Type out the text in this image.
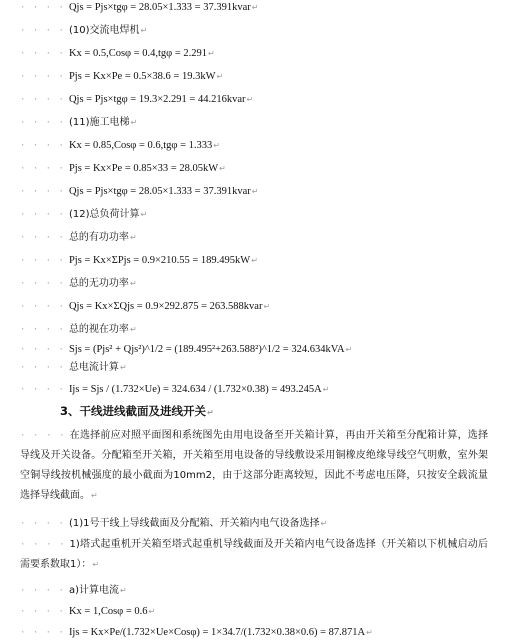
· · · · Qjs = Pjs×tgφ = 28.05×1.333 = 37.391kvar↵
· · · · (10)交流电焊机↵
· · · · Kx = 0.5,Cosφ = 0.4,tgφ = 2.291↵
· · · · Pjs = Kx×Pe = 0.5×38.6 = 19.3kW↵
· · · · Qjs = Pjs×tgφ = 19.3×2.291 = 44.216kvar↵
· · · · (11)施工电梯↵
· · · · Kx = 0.85,Cosφ = 0.6,tgφ = 1.333↵
· · · · Pjs = Kx×Pe = 0.85×33 = 28.05kW↵
· · · · Qjs = Pjs×tgφ = 28.05×1.333 = 37.391kvar↵
· · · · (12)总负荷计算↵
· · · · 总的有功功率↵
· · · · Pjs = Kx×ΣPjs = 0.9×210.55 = 189.495kW↵
· · · · 总的无功功率↵
· · · · Qjs = Kx×ΣQjs = 0.9×292.875 = 263.588kvar↵
· · · · 总的视在功率↵
· · · · Sjs = (Pjs² + Qjs²)^1/2 = (189.495²+263.588²)^1/2 = 324.634kVA↵
· · · · 总电流计算↵
· · · · Ijs = Sjs / (1.732×Ue) = 324.634 / (1.732×0.38) = 493.245A↵
3、干线进线截面及进线开关↵
· · · · 在选择前应对照平面图和系统图先由用电设备至开关箱计算，再由开关箱至分配箱计算，选择导线及开关设备。分配箱至开关箱，开关箱至用电设备的导线敷设采用铜橡皮绝缘导线空气明敷，室外架空铜导线按机械强度的最小截面为10mm2，由于这部分距离较短，因此不考虑电压降，只按安全载流量选择导线截面。↵
· · · · (1)1号干线上导线截面及分配箱、开关箱内电气设备选择↵
· · · · 1)塔式起重机开关箱至塔式起重机导线截面及开关箱内电气设备选择（开关箱以下机械启动后需要系数取1）：↵
· · · · a)计算电流↵
· · · · Kx = 1,Cosφ = 0.6↵
· · · · Ijs = Kx×Pe/(1.732×Ue×Cosφ) = 1×34.7/(1.732×0.38×0.6) = 87.871A↵
